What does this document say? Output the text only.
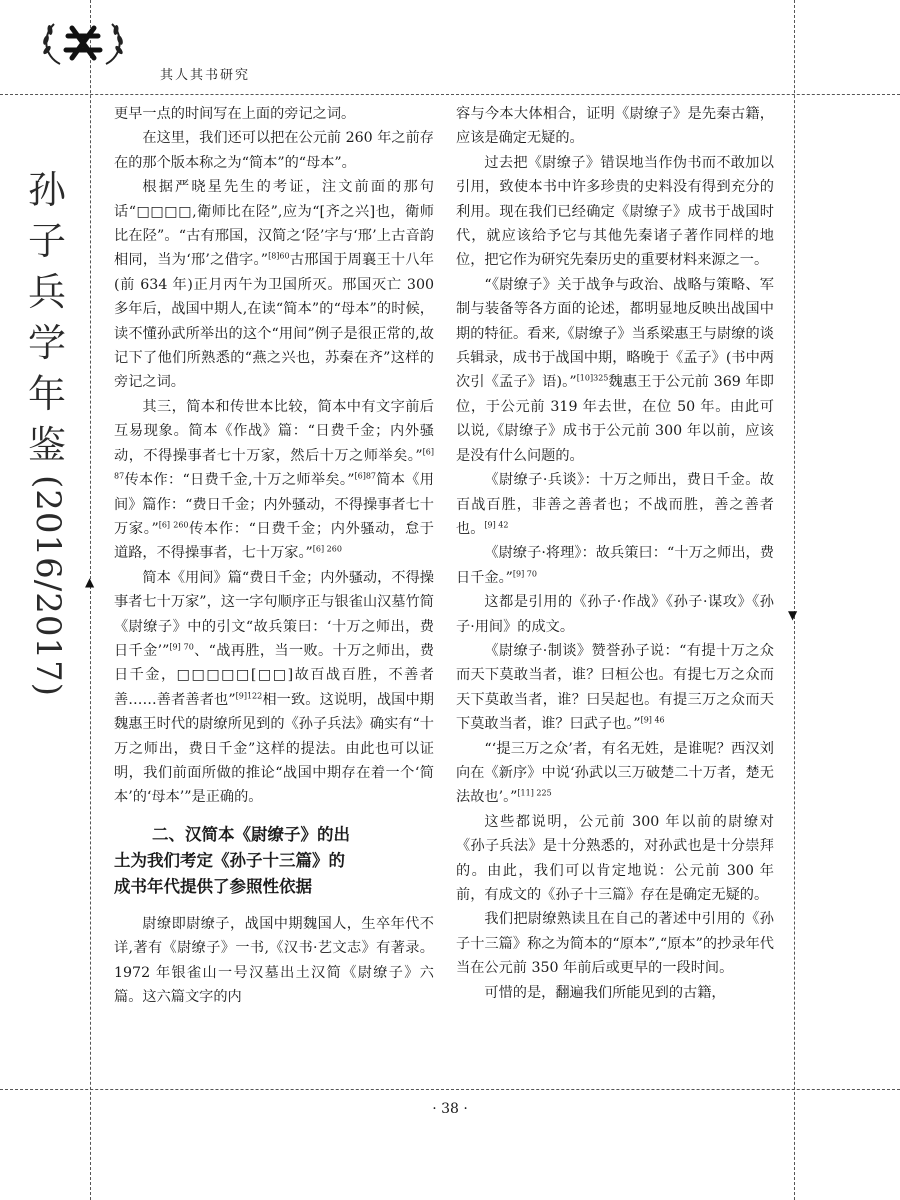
其人其书研究
孙
子
兵
学
年
鉴
(2016/2017)	▲
▼

更早一点的时间写在上面的旁记之词。

在这里，我们还可以把在公元前 260 年之前存在的那个版本称之为“简本”的“母本”。

根据严晓星先生的考证，注文前面的那句话“□□□□,衛师比在陉”,应为“[齐之兴]也，衛师比在陉”。“古有邢国，汉简之‘陉’字与‘邢’上古音韵相同，当为‘邢’之借字。”$^{[8]60}$古邢国于周襄王十八年(前 634 年)正月丙午为卫国所灭。邢国灭亡 300 多年后，战国中期人,在读“简本”的“母本”的时候，读不懂孙武所举出的这个“用间”例子是很正常的,故记下了他们所熟悉的“燕之兴也，苏秦在齐”这样的旁记之词。

其三，简本和传世本比较，简本中有文字前后互易现象。简本《作战》篇：“日费千金；内外骚动，不得操事者七十万家，然后十万之师举矣。”$^{[6] 87}$传本作：“日费千金,十万之师举矣。”$^{[6]87}$简本《用间》篇作：“费日千金；内外骚动，不得操事者七十万家。”$^{[6] 260}$传本作：“日费千金；内外骚动，怠于道路，不得操事者，七十万家。”$^{[6] 260}$

简本《用间》篇“费日千金；内外骚动，不得操事者七十万家”，这一字句顺序正与银雀山汉墓竹简《尉缭子》中的引文“故兵策曰：‘十万之师出，费日千金’”$^{[9] 70}$、“战再胜，当一败。十万之师出，费日千金，□□□□□[□□]故百战百胜，不善者善……善者善者也”$^{[9]122}$相一致。这说明，战国中期魏惠王时代的尉缭所见到的《孙子兵法》确实有“十万之师出，费日千金”这样的提法。由此也可以证明，我们前面所做的推论“战国中期存在着一个‘简本’的‘母本’”是正确的。

二、汉简本《尉缭子》的出
土为我们考定《孙子十三篇》的
成书年代提供了参照性依据

尉缭即尉缭子，战国中期魏国人，生卒年代不详,著有《尉缭子》一书,《汉书·艺文志》有著录。1972 年银雀山一号汉墓出土汉简《尉缭子》六篇。这六篇文字的内

容与今本大体相合，证明《尉缭子》是先秦古籍，应该是确定无疑的。

过去把《尉缭子》错误地当作伪书而不敢加以引用，致使本书中许多珍贵的史料没有得到充分的利用。现在我们已经确定《尉缭子》成书于战国时代，就应该给予它与其他先秦诸子著作同样的地位，把它作为研究先秦历史的重要材料来源之一。

“《尉缭子》关于战争与政治、战略与策略、军制与装备等各方面的论述，都明显地反映出战国中期的特征。看来,《尉缭子》当系梁惠王与尉缭的谈兵辑录，成书于战国中期，略晚于《孟子》(书中两次引《孟子》语)。”$^{[10]325}$魏惠王于公元前 369 年即位，于公元前 319 年去世，在位 50 年。由此可以说,《尉缭子》成书于公元前 300 年以前，应该是没有什么问题的。

《尉缭子·兵谈》：十万之师出，费日千金。故百战百胜，非善之善者也；不战而胜，善之善者也。$^{[9] 42}$

《尉缭子·将理》：故兵策曰：“十万之师出，费日千金。”$^{[9] 70}$

这都是引用的《孙子·作战》《孙子·谋攻》《孙子·用间》的成文。

《尉缭子·制谈》赞誉孙子说：“有提十万之众而天下莫敢当者，谁？曰桓公也。有提七万之众而天下莫敢当者，谁？曰吴起也。有提三万之众而天下莫敢当者，谁？曰武子也。”$^{[9] 46}$

“‘提三万之众’者，有名无姓，是谁呢？西汉刘向在《新序》中说‘孙武以三万破楚二十万者，楚无法故也’。”$^{[11] 225}$

这些都说明，公元前 300 年以前的尉缭对《孙子兵法》是十分熟悉的，对孙武也是十分崇拜的。由此，我们可以肯定地说：公元前 300 年前，有成文的《孙子十三篇》存在是确定无疑的。

我们把尉缭熟读且在自己的著述中引用的《孙子十三篇》称之为简本的“原本”,“原本”的抄录年代当在公元前 350 年前后或更早的一段时间。

可惜的是，翻遍我们所能见到的古籍，

· 38 ·
